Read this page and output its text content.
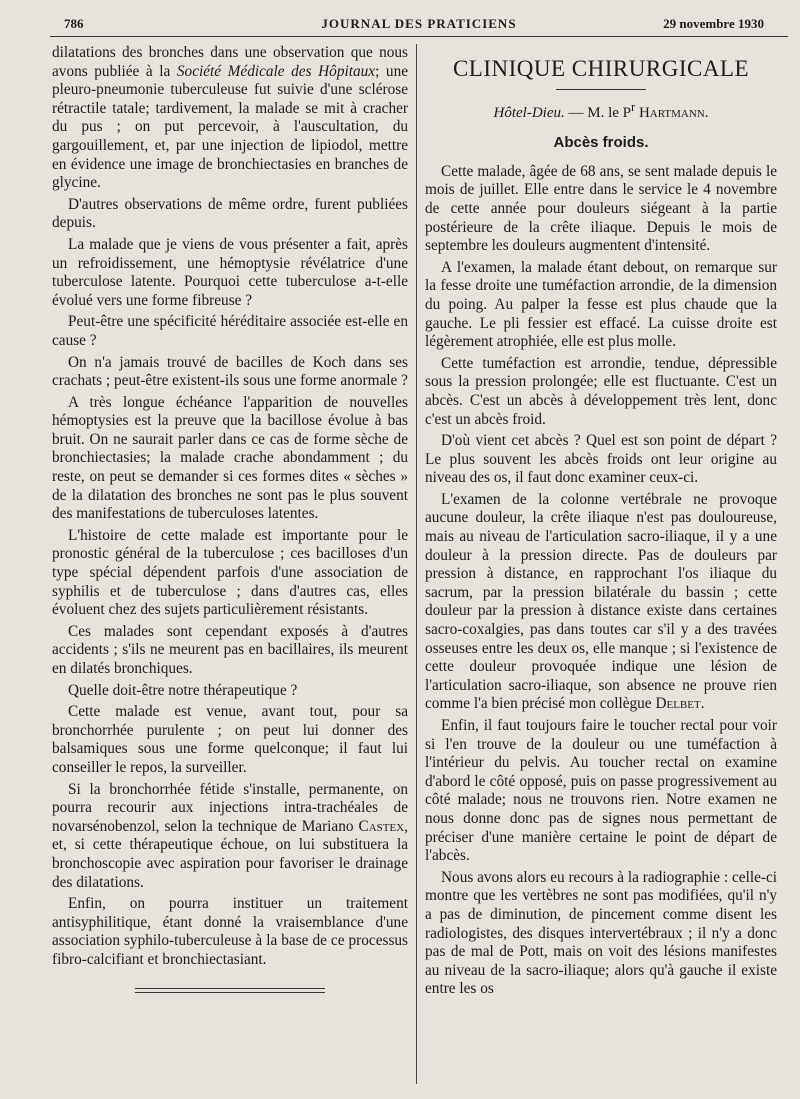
786	JOURNAL DES PRATICIENS	29 novembre 1930

dilatations des bronches dans une observation que nous avons publiée à la Société Médicale des Hôpitaux; une pleuro-pneumonie tuberculeuse fut suivie d'une sclérose rétractile tatale; tardivement, la malade se mit à cracher du pus ; on put percevoir, à l'auscultation, du gargouillement, et, par une injection de lipiodol, mettre en évidence une image de bronchiectasies en branches de glycine.

D'autres observations de même ordre, furent publiées depuis.

La malade que je viens de vous présenter a fait, après un refroidissement, une hémoptysie révélatrice d'une tuberculose latente. Pourquoi cette tuberculose a-t-elle évolué vers une forme fibreuse ?

Peut-être une spécificité héréditaire associée est-elle en cause ?

On n'a jamais trouvé de bacilles de Koch dans ses crachats ; peut-être existent-ils sous une forme anormale ?

A très longue échéance l'apparition de nouvelles hémoptysies est la preuve que la bacillose évolue à bas bruit. On ne saurait parler dans ce cas de forme sèche de bronchiectasies; la malade crache abondamment ; du reste, on peut se demander si ces formes dites « sèches » de la dilatation des bronches ne sont pas le plus souvent des manifestations de tuberculoses latentes.

L'histoire de cette malade est importante pour le pronostic général de la tuberculose ; ces bacilloses d'un type spécial dépendent parfois d'une association de syphilis et de tuberculose ; dans d'autres cas, elles évoluent chez des sujets particulièrement résistants.

Ces malades sont cependant exposés à d'autres accidents ; s'ils ne meurent pas en bacillaires, ils meurent en dilatés bronchiques.

Quelle doit-être notre thérapeutique ?

Cette malade est venue, avant tout, pour sa bronchorrhée purulente ; on peut lui donner des balsamiques sous une forme quelconque; il faut lui conseiller le repos, la surveiller.

Si la bronchorrhée fétide s'installe, permanente, on pourra recourir aux injections intra-trachéales de novarsénobenzol, selon la technique de Mariano Castex, et, si cette thérapeutique échoue, on lui substituera la bronchoscopie avec aspiration pour favoriser le drainage des dilatations.

Enfin, on pourra instituer un traitement antisyphilitique, étant donné la vraisemblance d'une association syphilo-tuberculeuse à la base de ce processus fibro-calcifiant et bronchiectasiant.

CLINIQUE CHIRURGICALE
Hôtel-Dieu. — M. le $P^r$ Hartmann.
Abcès froids.

Cette malade, âgée de 68 ans, se sent malade depuis le mois de juillet. Elle entre dans le service le 4 novembre de cette année pour douleurs siégeant à la partie postérieure de la crête iliaque. Depuis le mois de septembre les douleurs augmentent d'intensité.

A l'examen, la malade étant debout, on remarque sur la fesse droite une tuméfaction arrondie, de la dimension du poing. Au palper la fesse est plus chaude que la gauche. Le pli fessier est effacé. La cuisse droite est légèrement atrophiée, elle est plus molle.

Cette tuméfaction est arrondie, tendue, dépressible sous la pression prolongée; elle est fluctuante. C'est un abcès. C'est un abcès à développement très lent, donc c'est un abcès froid.

D'où vient cet abcès ? Quel est son point de départ ? Le plus souvent les abcès froids ont leur origine au niveau des os, il faut donc examiner ceux-ci.

L'examen de la colonne vertébrale ne provoque aucune douleur, la crête iliaque n'est pas douloureuse, mais au niveau de l'articulation sacro-iliaque, il y a une douleur à la pression directe. Pas de douleurs par pression à distance, en rapprochant l'os iliaque du sacrum, par la pression bilatérale du bassin ; cette douleur par la pression à distance existe dans certaines sacro-coxalgies, pas dans toutes car s'il y a des travées osseuses entre les deux os, elle manque ; si l'existence de cette douleur provoquée indique une lésion de l'articulation sacro-iliaque, son absence ne prouve rien comme l'a bien précisé mon collègue Delbet.

Enfin, il faut toujours faire le toucher rectal pour voir si l'en trouve de la douleur ou une tuméfaction à l'intérieur du pelvis. Au toucher rectal on examine d'abord le côté opposé, puis on passe progressivement au côté malade; nous ne trouvons rien. Notre examen ne nous donne donc pas de signes nous permettant de préciser d'une manière certaine le point de départ de l'abcès.

Nous avons alors eu recours à la radiographie : celle-ci montre que les vertèbres ne sont pas modifiées, qu'il n'y a pas de diminution, de pincement comme disent les radiologistes, des disques intervertébraux ; il n'y a donc pas de mal de Pott, mais on voit des lésions manifestes au niveau de la sacro-iliaque; alors qu'à gauche il existe entre les os
